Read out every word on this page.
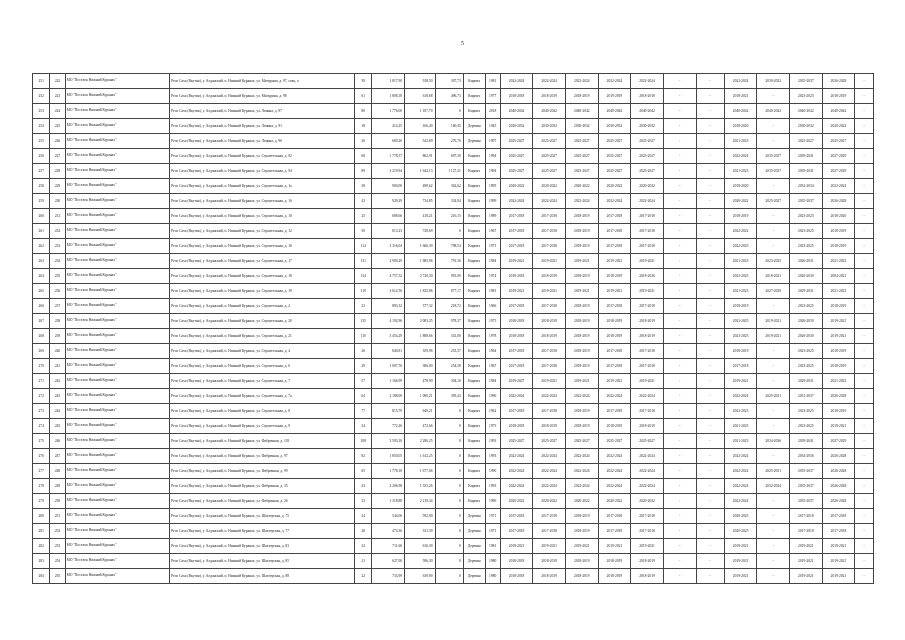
5
251	222	МО "Поселок Нижний Куранах"	Респ Саха (Якутия), у. Алданский, п. Нижний Куранах, ул. Мичурина, д. 97, секц. а	58	1 817,90	918,50	307,73	Кирпич	1981	2022-2024	2022-2024	2022-2024	2022-2024	2022-2024	-	-	2022-2024	2030-2032	2035-2037	2026-2028	-
252	223	МО "Поселок Нижний Куранах"	Респ Саха (Якутия), у. Алданский, п. Нижний Куранах, ул. Мичурина, д. 98	61	1 808,18	618,68	496,73	Кирпич	1977	2018-2018	2018-2019	2018-2019	2019-2019	2018-2018	-	-	2018-2021	-	2023-2025	2018-2019	-
253	224	МО "Поселок Нижний Куранах"	Респ Саха (Якутия), у. Алданский, п. Нижний Куранах, ул. Ленина, д. 97	80	1 776,00	1 187,70	0	Кирпич	2018	2040-2042	2040-2042	2040-2042	2040-2042	2040-2042	-	-	2040-2042	2040-2042	2040-2042	2040-2042	-
254	225	МО "Поселок Нижний Куранах"	Респ Саха (Якутия), у. Алданский, п. Нижний Куранах, ул. Ленина, д. 91	18	414,25	166,40	160,45	Деревян	1945	2030-2032	2030-2032	2030-2032	2030-2032	2030-2032	-	-	2018-2020	-	2030-2032	2020-2022	-
255	226	МО "Поселок Нижний Куранах"	Респ Саха (Якутия), у. Алданский, п. Нижний Куранах, ул. Ленина, д. 96	26	669,26	542,69	276,76	Деревян	1997	2025-2027	2025-2027	2025-2027	2025-2027	2025-2027	-	-	2021-2023	-	2025-2027	2025-2027	-
256	227	МО "Поселок Нижний Куранах"	Респ Саха (Якутия), у. Алданский, п. Нижний Куранах, ул. Строительная, д. 92	68	1 778,57	862,91	697,30	Кирпич	1994	2025-2027	2025-2027	2025-2027	2025-2027	2025-2027	-	-	2022-2024	2035-2037	2039-2041	2027-2029	-
257	228	МО "Поселок Нижний Куранах"	Респ Саха (Якутия), у. Алданский, п. Нижний Куранах, ул. Строительная, д. 94	89	3 219,94	1 642,13	1 127,21	Кирпич	1994	2025-2027	2025-2027	2025-2027	2025-2027	2025-2027	-	-	2021-2023	2035-2037	2039-2041	2027-2029	-
258	229	МО "Поселок Нижний Куранах"	Респ Саха (Якутия), у. Алданский, п. Нижний Куранах, ул. Строительная, д. 1а	38	900,00	498,62	362,62	Кирпич	1995	2020-2022	2020-2022	2020-2022	2020-2022	2020-2022	-	-	2018-2020	-	2032-2034	2022-2024	-
259	230	МО "Поселок Нижний Куранах"	Респ Саха (Якутия), у. Алданский, п. Нижний Куранах, ул. Строительная, д. 1б	43	929,29	734,85	334,94	Кирпич	1999	2022-2024	2022-2024	2022-2024	2022-2024	2022-2024	-	-	2020-2022	2025-2027	2035-2037	2026-2028	-
260	231	МО "Поселок Нижний Куранах"	Респ Саха (Якутия), у. Алданский, п. Нижний Куранах, ул. Строительная, д. 10	25	688,66	418,21	216,15	Кирпич	1989	2017-2018	2017-2018	2018-2019	2017-2018	2017-2018	-	-	2018-2019	-	2023-2025	2018-2020	-
261	232	МО "Поселок Нижний Куранах"	Респ Саха (Якутия), у. Алданский, п. Нижний Куранах, ул. Строительная, д. 12	50	813,23	728,69	0	Кирпич	1967	2017-2018	2017-2018	2018-2019	2017-2018	2017-2018	-	-	2022-2022	-	2023-2025	2018-2019	-
262	233	МО "Поселок Нижний Куранах"	Респ Саха (Якутия), у. Алданский, п. Нижний Куранах, ул. Строительная, д. 16	114	3 316,04	1 666,39	798,54	Кирпич	1971	2017-2018	2017-2018	2018-2019	2017-2018	2017-2018	-	-	2022-2025	-	2023-2025	2018-2019	-
263	234	МО "Поселок Нижний Куранах"	Респ Саха (Якутия), у. Алданский, п. Нижний Куранах, ул. Строительная, д. 17	131	2 909,29	1 685,96	791,36	Кирпич	1984	2019-2021	2019-2021	2019-2021	2019-2021	2019-2021	-	-	2021-2023	2023-2025	2026-2031	2021-2023	-
264	235	МО "Поселок Нижний Куранах"	Респ Саха (Якутия), у. Алданский, п. Нижний Куранах, ул. Строительная, д. 18	134	4 757,52	2 720,30	991,00	Кирпич	1974	2018-2018	2018-2019	2018-2019	2018-2019	2018-2026	-	-	2023-2025	2018-2021	2026-2030	2004-2021	-
265	236	МО "Поселок Нижний Куранах"	Респ Саха (Якутия), у. Алданский, п. Нижний Куранах, ул. Строительная, д. 19	119	3 612,56	1 825,86	877,17	Кирпич	1981	2019-2021	2019-2021	2019-2021	2019-2021	2019-2021	-	-	2021-2023	2027-2029	2029-2031	2021-2023	-
266	237	МО "Поселок Нижний Куранах"	Респ Саха (Якутия), у. Алданский, п. Нижний Куранах, ул. Строительная, д. 2	23	883,32	377,32	218,72	Кирпич	1966	2017-2018	2017-2018	2018-2019	2017-2018	2017-2018	-	-	2018-2019	-	2023-2025	2018-2019	-
267	238	МО "Поселок Нижний Куранах"	Респ Саха (Якутия), у. Алданский, п. Нижний Куранах, ул. Строительная, д. 20	135	4 192,96	2 083,25	978,37	Кирпич	1975	2018-2018	2018-2019	2018-2019	2018-2019	2018-2019	-	-	2023-2025	2019-2021	2026-2030	2019-2021	-
268	239	МО "Поселок Нижний Куранах"	Респ Саха (Якутия), у. Алданский, п. Нижний Куранах, ул. Строительная, д. 21	110	3 454,29	1 888,66	341,00	Кирпич	1978	2018-2018	2018-2019	2018-2019	2018-2019	2018-2019	-	-	2023-2025	2019-2021	2026-2030	2019-2021	-
269	240	МО "Поселок Нижний Куранах"	Респ Саха (Якутия), у. Алданский, п. Нижний Куранах, ул. Строительная, д. 4	26	840,81	359,96	253,37	Кирпич	1964	2017-2018	2017-2018	2018-2019	2017-2018	2017-2018	-	-	2018-2019	-	2023-2025	2018-2019	-
270	241	МО "Поселок Нижний Куранах"	Респ Саха (Якутия), у. Алданский, п. Нижний Куранах, ул. Строительная, д. 6	29	1 007,76	386,00	254,58	Кирпич	1967	2017-2018	2017-2018	2018-2019	2017-2018	2017-2018	-	-	2017-2018	-	2023-2025	2018-2019	-
271	242	МО "Поселок Нижний Куранах"	Респ Саха (Якутия), у. Алданский, п. Нижний Куранах, ул. Строительная, д. 7	57	1 166,99	478,90	304,10	Кирпич	1984	2019-2027	2019-2021	2019-2021	2019-2021	2019-2021	-	-	2019-2021	-	2029-2031	2021-2023	-
272	243	МО "Поселок Нижний Куранах"	Респ Саха (Якутия), у. Алданский, п. Нижний Куранах, ул. Строительная, д. 7а	64	2 188,69	1 090,21	395,43	Кирпич	1990	2022-2024	2022-2024	2022-2024	2022-2024	2022-2024	-	-	2022-2024	2025-2031	2031-2037	2026-2028	-
273	244	МО "Поселок Нижний Куранах"	Респ Саха (Якутия), у. Алданский, п. Нижний Куранах, ул. Строительная, д. 8	77	815,79	649,21	0	Кирпич	1962	2017-2018	2017-2018	2018-2019	2017-2018	2017-2018	-	-	2022-2023	-	2023-2025	2018-2019	-
274	245	МО "Поселок Нижний Куранах"	Респ Саха (Якутия), у. Алданский, п. Нижний Куранах, ул. Строительная, д. 9	34	772,26	472,66	0	Кирпич	1973	2018-2018	2018-2019	2018-2019	2018-2019	2018-2019	-	-	2021-2023	-	2023-2025	2019-2021	-
275	246	МО "Поселок Нижний Куранах"	Респ Саха (Якутия), у. Алданский, п. Нижний Куранах, ул. Фабричная, д. 103	108	3 593,10	2 286,25	0	Кирпич	1993	2025-2027	2025-2027	2025-2027	2025-2027	2025-2027	-	-	2021-2023	2034-2036	2039-2041	2027-2029	-
276	247	МО "Поселок Нижний Куранах"	Респ Саха (Якутия), у. Алданский, п. Нижний Куранах, ул. Фабричная, д. 97	82	1 850,05	1 612,25	0	Кирпич	1993	2022-2024	2022-2024	2022-2024	2022-2024	2022-2024	-	-	2022-2024	-	2034-2036	2026-2028	-
277	248	МО "Поселок Нижний Куранах"	Респ Саха (Якутия), у. Алданский, п. Нижний Куранах, ул. Фабричная, д. 99	65	1 778,18	1 677,66	0	Кирпич	1990	2022-2024	2022-2024	2022-2024	2022-2024	2022-2024	-	-	2022-2024	2025-2031	2035-2037	2026-2028	-
278	249	МО "Поселок Нижний Куранах"	Респ Саха (Якутия), у. Алданский, п. Нижний Куранах, ул. Фабричная, д. 35	43	2 206,98	1 553,26	0	Кирпич	1993	2022-2024	2022-2024	2022-2024	2022-2024	2022-2024	-	-	2022-2024	2032-2034	2035-2037	2026-2028	-
279	250	МО "Поселок Нижний Куранах"	Респ Саха (Якутия), у. Алданский, п. Нижний Куранах, ул. Фабричная, д. 26	33	1 318,88	2 219,34	0	Кирпич	1990	2020-2022	2020-2022	2020-2022	2020-2022	2020-2022	-	-	2022-2024	-	2035-2037	2026-2028	-
280	251	МО "Поселок Нижний Куранах"	Респ Саха (Якутия), у. Алданский, п. Нижний Куранах, ул. Шахтерская, д. 75	24	544,06	592,90	0	Деревян	1971	2017-2018	2017-2018	2018-2019	2017-2018	2017-2018	-	-	2020-2025	-	2017-2018	2017-2018	-
281	252	МО "Поселок Нижний Куранах"	Респ Саха (Якутия), у. Алданский, п. Нижний Куранах, ул. Шахтерская, д. 77	28	474,36	331,39	0	Деревян	1971	2017-2018	2017-2018	2018-2019	2017-2018	2017-2018	-	-	2020-2025	-	2017-2018	2017-2018	-
282	253	МО "Поселок Нижний Куранах"	Респ Саха (Якутия), у. Алданский, п. Нижний Куранах, ул. Шахтерская, д. 83	32	711,60	616,30	0	Деревян	1981	2019-2021	2019-2021	2019-2021	2019-2021	2019-2021	-	-	2019-2021	-	2019-2021	2019-2021	-
283	254	МО "Поселок Нижний Куранах"	Респ Саха (Якутия), у. Алданский, п. Нижний Куранах, ул. Шахтерская, д. 85	21	627,00	596,30	0	Деревян	1980	2018-2018	2018-2019	2018-2019	2018-2019	2018-2019	-	-	2019-2021	-	2019-2021	2019-2021	-
284	255	МО "Поселок Нижний Куранах"	Респ Саха (Якутия), у. Алданский, п. Нижний Куранах, ул. Шахтерская, д. 88	22	733,99	639,90	0	Деревян	1980	2018-2018	2018-2019	2018-2019	2018-2019	2018-2019	-	-	2019-2021	-	2019-2021	2019-2021	-
